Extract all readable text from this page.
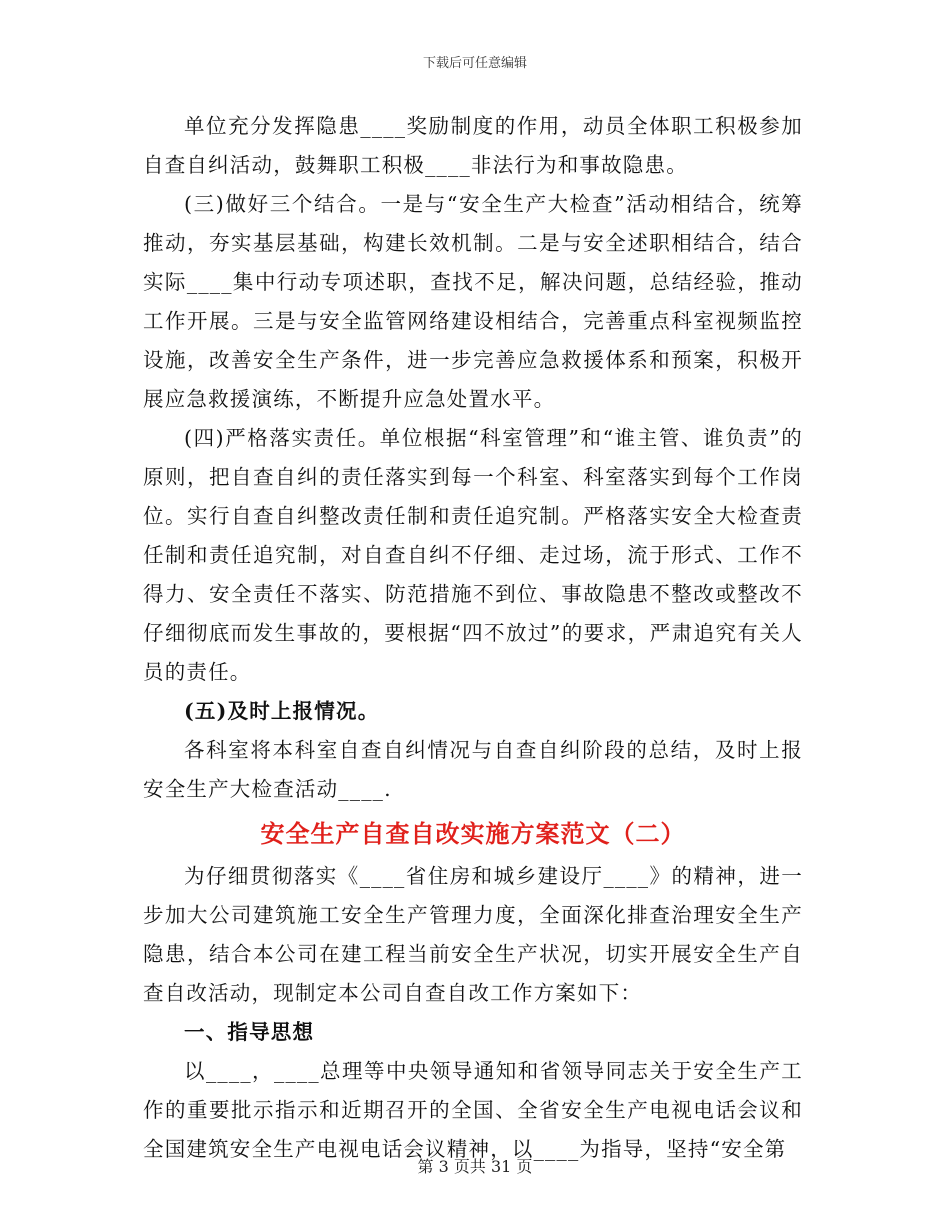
下载后可任意编辑

单位充分发挥隐患____奖励制度的作用，动员全体职工积极参加自查自纠活动，鼓舞职工积极____非法行为和事故隐患。

(三)做好三个结合。一是与“安全生产大检查”活动相结合，统筹推动，夯实基层基础，构建长效机制。二是与安全述职相结合，结合实际____集中行动专项述职，查找不足，解决问题，总结经验，推动工作开展。三是与安全监管网络建设相结合，完善重点科室视频监控设施，改善安全生产条件，进一步完善应急救援体系和预案，积极开展应急救援演练，不断提升应急处置水平。

(四)严格落实责任。单位根据“科室管理”和“谁主管、谁负责”的原则，把自查自纠的责任落实到每一个科室、科室落实到每个工作岗位。实行自查自纠整改责任制和责任追究制。严格落实安全大检查责任制和责任追究制，对自查自纠不仔细、走过场，流于形式、工作不得力、安全责任不落实、防范措施不到位、事故隐患不整改或整改不仔细彻底而发生事故的，要根据“四不放过”的要求，严肃追究有关人员的责任。

(五)及时上报情况。

各科室将本科室自查自纠情况与自查自纠阶段的总结，及时上报安全生产大检查活动____.

安全生产自查自改实施方案范文（二）

为仔细贯彻落实《____省住房和城乡建设厅____》的精神，进一步加大公司建筑施工安全生产管理力度，全面深化排查治理安全生产隐患，结合本公司在建工程当前安全生产状况，切实开展安全生产自查自改活动，现制定本公司自查自改工作方案如下：

一、指导思想

以____，____总理等中央领导通知和省领导同志关于安全生产工作的重要批示指示和近期召开的全国、全省安全生产电视电话会议和全国建筑安全生产电视电话会议精神，以____为指导，坚持“安全第

第 3 页共 31 页
